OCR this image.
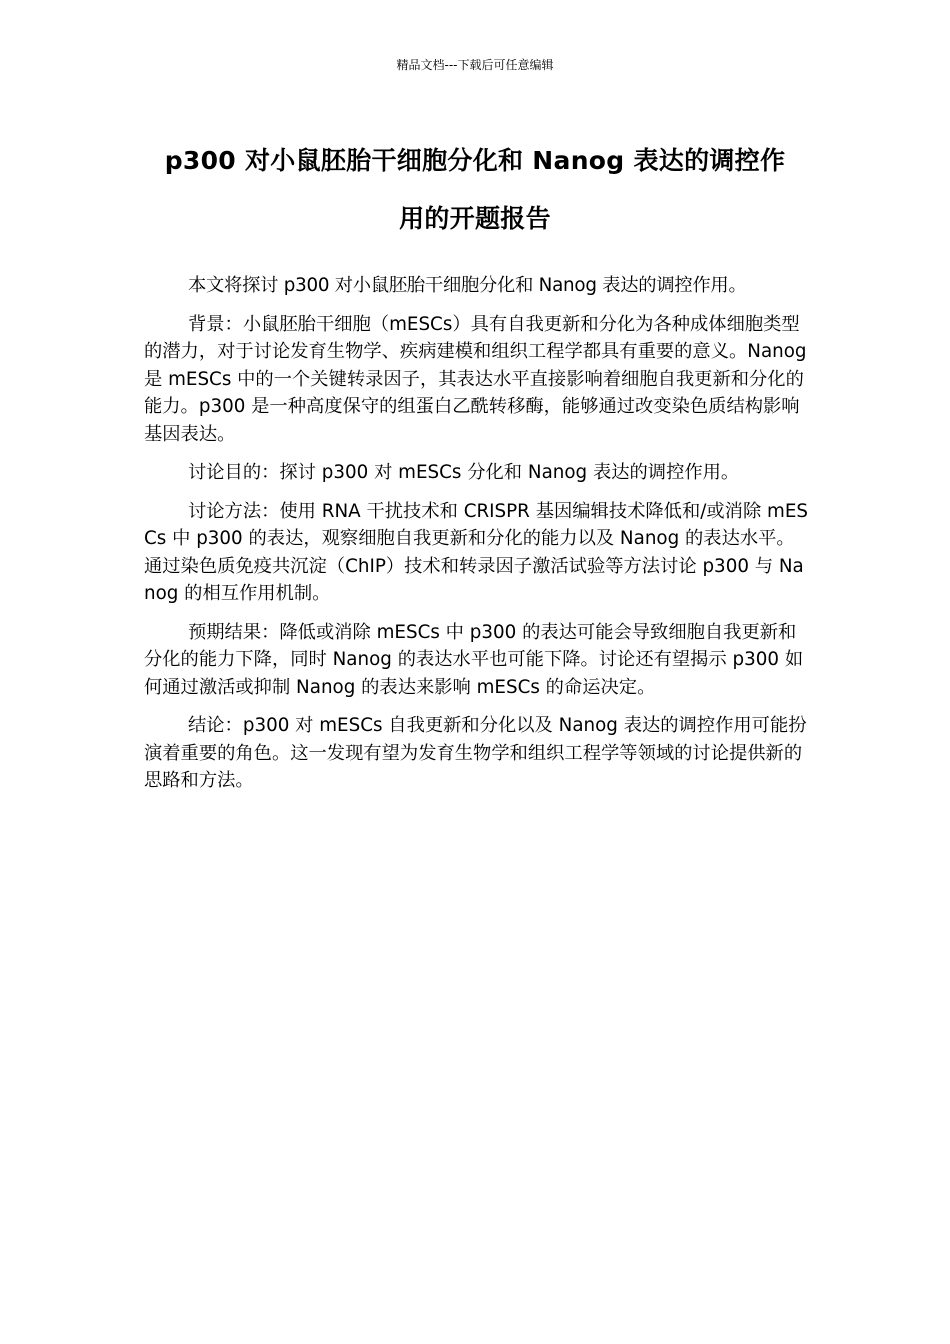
精品文档---下载后可任意编辑
p300 对小鼠胚胎干细胞分化和 Nanog 表达的调控作
用的开题报告

本文将探讨 p300 对小鼠胚胎干细胞分化和 Nanog 表达的调控作用。

背景：小鼠胚胎干细胞（mESCs）具有自我更新和分化为各种成体细胞类型的潜力，对于讨论发育生物学、疾病建模和组织工程学都具有重要的意义。Nanog 是 mESCs 中的一个关键转录因子，其表达水平直接影响着细胞自我更新和分化的能力。p300 是一种高度保守的组蛋白乙酰转移酶，能够通过改变染色质结构影响基因表达。

讨论目的：探讨 p300 对 mESCs 分化和 Nanog 表达的调控作用。

讨论方法：使用 RNA 干扰技术和 CRISPR 基因编辑技术降低和/或消除 mESCs 中 p300 的表达，观察细胞自我更新和分化的能力以及 Nanog 的表达水平。通过染色质免疫共沉淀（ChIP）技术和转录因子激活试验等方法讨论 p300 与 Nanog 的相互作用机制。

预期结果：降低或消除 mESCs 中 p300 的表达可能会导致细胞自我更新和分化的能力下降，同时 Nanog 的表达水平也可能下降。讨论还有望揭示 p300 如何通过激活或抑制 Nanog 的表达来影响 mESCs 的命运决定。

结论：p300 对 mESCs 自我更新和分化以及 Nanog 表达的调控作用可能扮演着重要的角色。这一发现有望为发育生物学和组织工程学等领域的讨论提供新的思路和方法。
